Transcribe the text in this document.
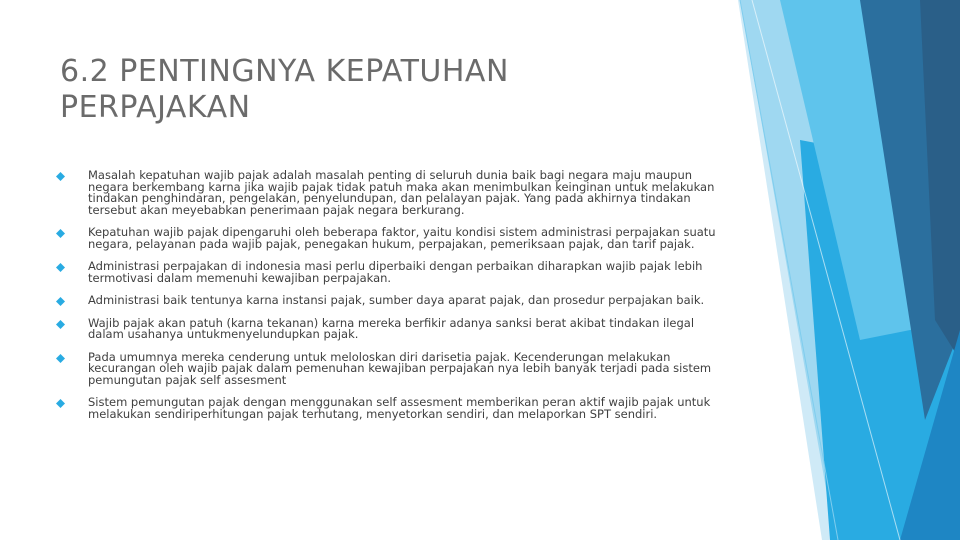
6.2 PENTINGNYA KEPATUHAN PERPAJAKAN
Masalah kepatuhan wajib pajak adalah masalah penting di seluruh dunia baik bagi negara maju maupun negara berkembang karna jika wajib pajak tidak patuh maka akan menimbulkan keinginan untuk melakukan tindakan penghindaran, pengelakan, penyelundupan, dan pelalayan pajak. Yang pada akhirnya tindakan tersebut akan meyebabkan penerimaan pajak negara berkurang.
Kepatuhan wajib pajak dipengaruhi oleh beberapa faktor, yaitu kondisi sistem administrasi perpajakan suatu negara, pelayanan pada wajib pajak, penegakan hukum, perpajakan, pemeriksaan pajak, dan tarif pajak.
Administrasi perpajakan di indonesia masi perlu diperbaiki dengan perbaikan diharapkan wajib pajak lebih termotivasi dalam memenuhi kewajiban perpajakan.
Administrasi baik tentunya karna instansi pajak, sumber daya aparat pajak, dan prosedur perpajakan baik.
Wajib pajak akan patuh (karna tekanan) karna mereka berfikir adanya sanksi berat akibat tindakan ilegal dalam usahanya untukmenyelundupkan pajak.
Pada umumnya mereka cenderung untuk meloloskan diri darisetia pajak. Kecenderungan melakukan kecurangan oleh wajib pajak dalam pemenuhan kewajiban perpajakan nya lebih banyak terjadi pada sistem pemungutan pajak self assesment
Sistem pemungutan pajak dengan menggunakan self assesment memberikan peran aktif wajib pajak untuk melakukan sendiriperhitungan pajak terhutang, menyetorkan sendiri, dan melaporkan SPT sendiri.
